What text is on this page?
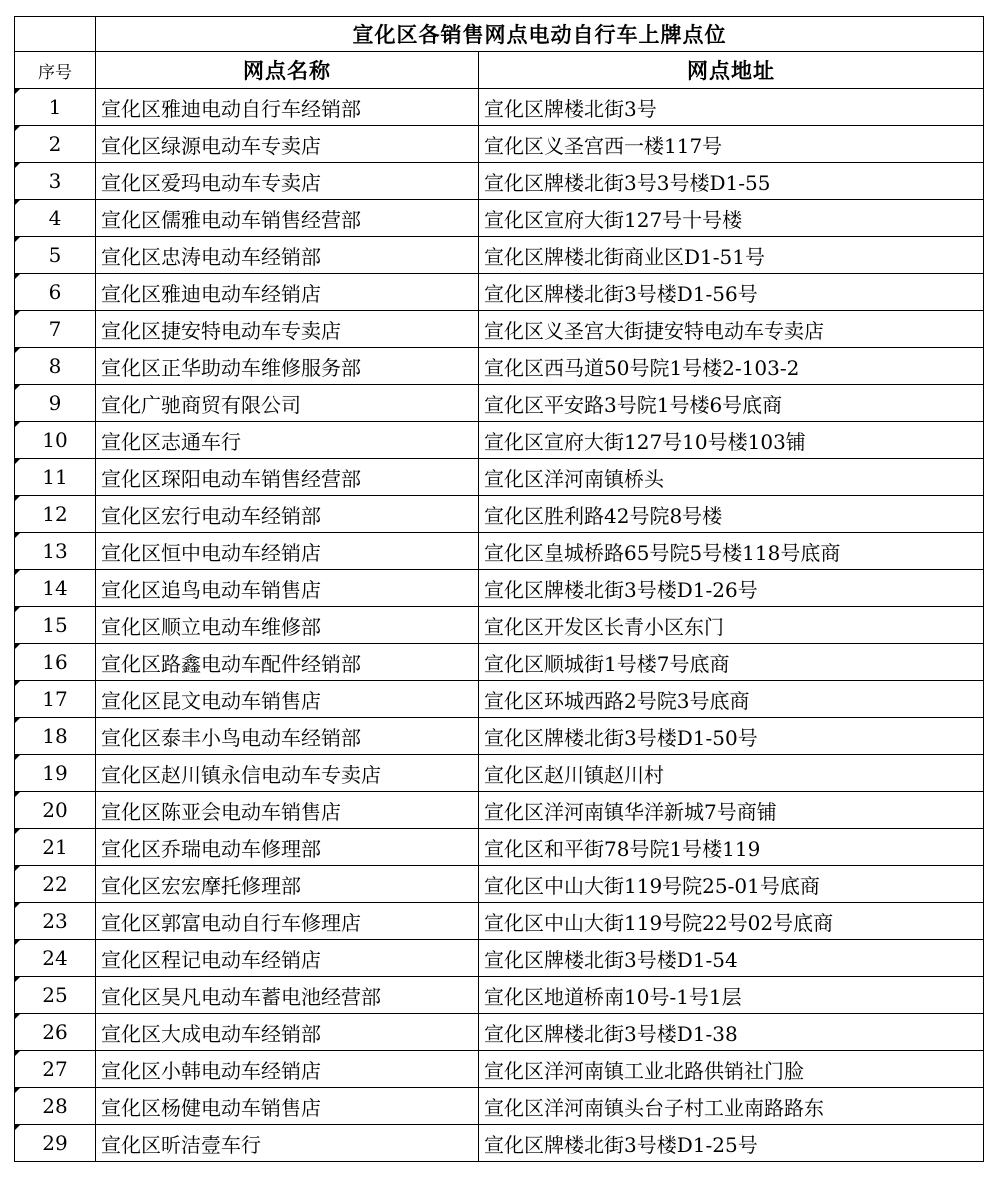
	宣化区各销售网点电动自行车上牌点位	
序号	网点名称	网点地址
1	宣化区雅迪电动自行车经销部	宣化区牌楼北街3号
2	宣化区绿源电动车专卖店	宣化区义圣宫西一楼117号
3	宣化区爱玛电动车专卖店	宣化区牌楼北街3号3号楼D1-55
4	宣化区儒雅电动车销售经营部	宣化区宣府大街127号十号楼
5	宣化区忠涛电动车经销部	宣化区牌楼北街商业区D1-51号
6	宣化区雅迪电动车经销店	宣化区牌楼北街3号楼D1-56号
7	宣化区捷安特电动车专卖店	宣化区义圣宫大街捷安特电动车专卖店
8	宣化区正华助动车维修服务部	宣化区西马道50号院1号楼2-103-2
9	宣化广驰商贸有限公司	宣化区平安路3号院1号楼6号底商
10	宣化区志通车行	宣化区宣府大街127号10号楼103铺
11	宣化区琛阳电动车销售经营部	宣化区洋河南镇桥头
12	宣化区宏行电动车经销部	宣化区胜利路42号院8号楼
13	宣化区恒中电动车经销店	宣化区皇城桥路65号院5号楼118号底商
14	宣化区追鸟电动车销售店	宣化区牌楼北街3号楼D1-26号
15	宣化区顺立电动车维修部	宣化区开发区长青小区东门
16	宣化区路鑫电动车配件经销部	宣化区顺城街1号楼7号底商
17	宣化区昆文电动车销售店	宣化区环城西路2号院3号底商
18	宣化区泰丰小鸟电动车经销部	宣化区牌楼北街3号楼D1-50号
19	宣化区赵川镇永信电动车专卖店	宣化区赵川镇赵川村
20	宣化区陈亚会电动车销售店	宣化区洋河南镇华洋新城7号商铺
21	宣化区乔瑞电动车修理部	宣化区和平街78号院1号楼119
22	宣化区宏宏摩托修理部	宣化区中山大街119号院25-01号底商
23	宣化区郭富电动自行车修理店	宣化区中山大街119号院22号02号底商
24	宣化区程记电动车经销店	宣化区牌楼北街3号楼D1-54
25	宣化区昊凡电动车蓄电池经营部	宣化区地道桥南10号-1号1层
26	宣化区大成电动车经销部	宣化区牌楼北街3号楼D1-38
27	宣化区小韩电动车经销店	宣化区洋河南镇工业北路供销社门脸
28	宣化区杨健电动车销售店	宣化区洋河南镇头台子村工业南路路东
29	宣化区昕洁壹车行	宣化区牌楼北街3号楼D1-25号
